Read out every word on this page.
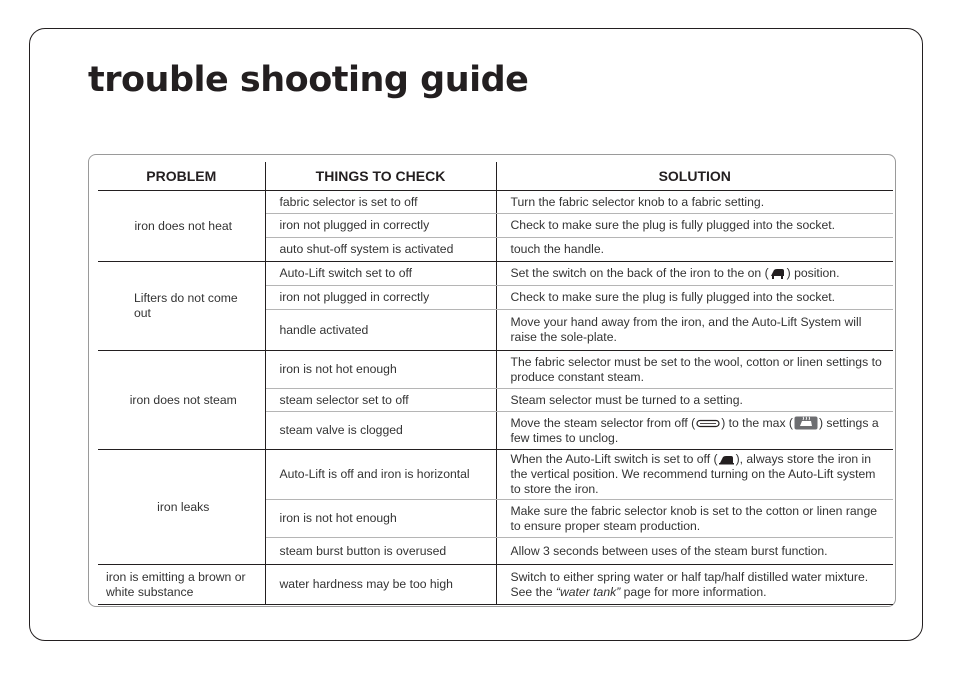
trouble shooting guide
PROBLEM	THINGS TO CHECK	SOLUTION
iron does not heat	fabric selector is set to off	Turn the fabric selector knob to a fabric setting.
	iron not plugged in correctly	Check to make sure the plug is fully plugged into the socket.
	auto shut-off system is activated	touch the handle.
Lifters do not come out	Auto-Lift switch set to off	Set the switch on the back of the iron to the on ( ) position.
	iron not plugged in correctly	Check to make sure the plug is fully plugged into the socket.
	handle activated	Move your hand away from the iron, and the Auto-Lift System will raise the sole-plate.
iron does not steam	iron is not hot enough	The fabric selector must be set to the wool, cotton or linen settings to produce constant steam.
	steam selector set to off	Steam selector must be turned to a setting.
	steam valve is clogged	Move the steam selector from off ( ) to the max ( ) settings a few times to unclog.
iron leaks	Auto-Lift is off and iron is horizontal	When the Auto-Lift switch is set to off ( ), always store the iron in the vertical position. We recommend turning on the Auto-Lift system to store the iron.
	iron is not hot enough	Make sure the fabric selector knob is set to the cotton or linen range to ensure proper steam production.
	steam burst button is overused	Allow 3 seconds between uses of the steam burst function.
iron is emitting a brown or white substance	water hardness may be too high	Switch to either spring water or half tap/half distilled water mixture. See the “water tank” page for more information.
